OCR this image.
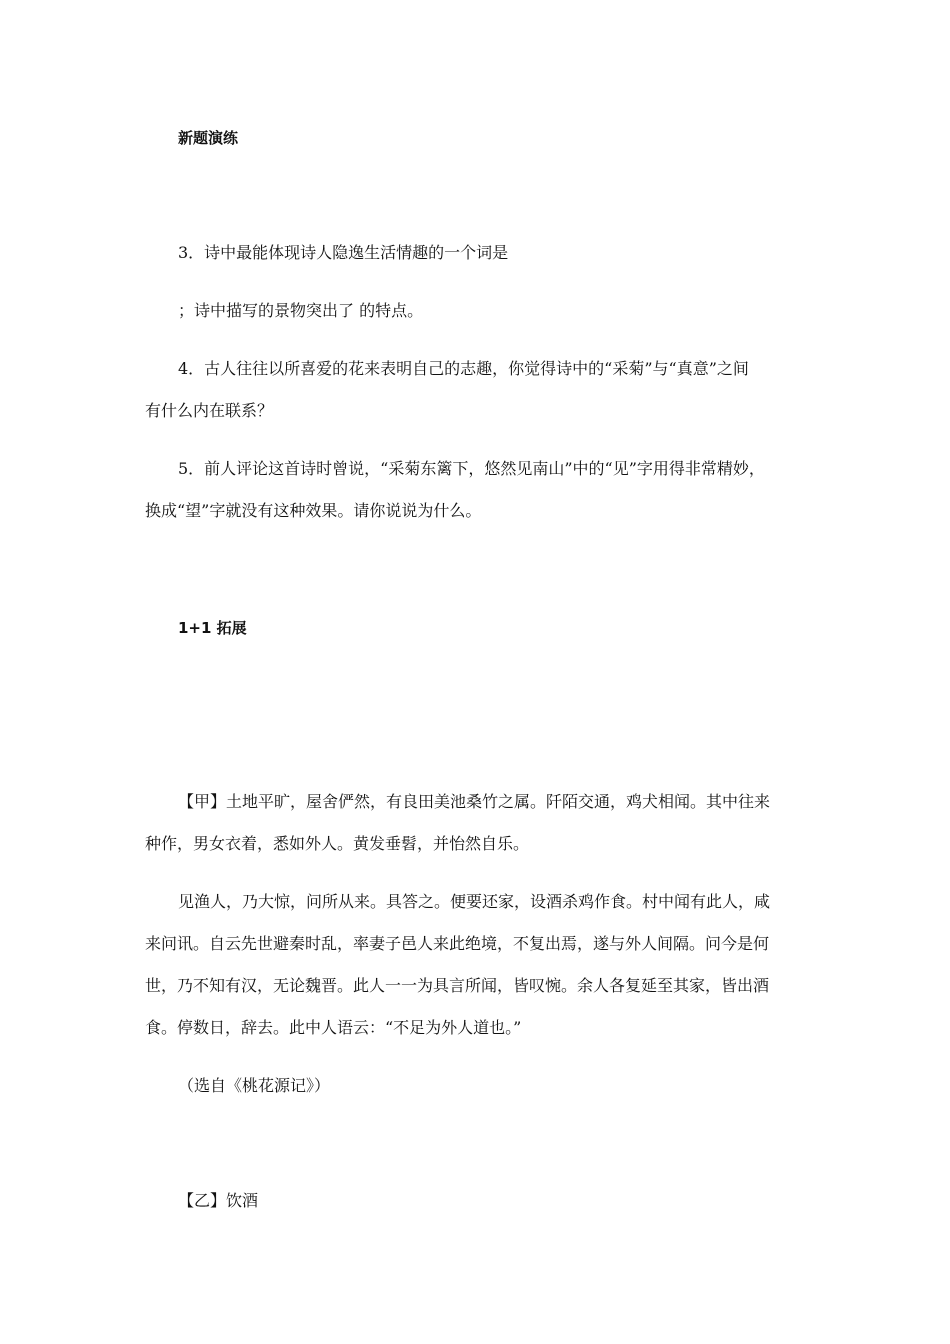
新题演练
3．诗中最能体现诗人隐逸生活情趣的一个词是
；诗中描写的景物突出了 的特点。
4．古人往往以所喜爱的花来表明自己的志趣，你觉得诗中的“采菊”与“真意”之间
有什么内在联系？
5．前人评论这首诗时曾说，“采菊东篱下，悠然见南山”中的“见”字用得非常精妙，
换成“望”字就没有这种效果。请你说说为什么。
1+1 拓展
【甲】土地平旷，屋舍俨然，有良田美池桑竹之属。阡陌交通，鸡犬相闻。其中往来
种作，男女衣着，悉如外人。黄发垂髫，并怡然自乐。
见渔人，乃大惊，问所从来。具答之。便要还家，设酒杀鸡作食。村中闻有此人，咸
来问讯。自云先世避秦时乱，率妻子邑人来此绝境，不复出焉，遂与外人间隔。问今是何
世，乃不知有汉，无论魏晋。此人一一为具言所闻，皆叹惋。余人各复延至其家，皆出酒
食。停数日，辞去。此中人语云：“不足为外人道也。”
（选自《桃花源记》）
【乙】饮酒
